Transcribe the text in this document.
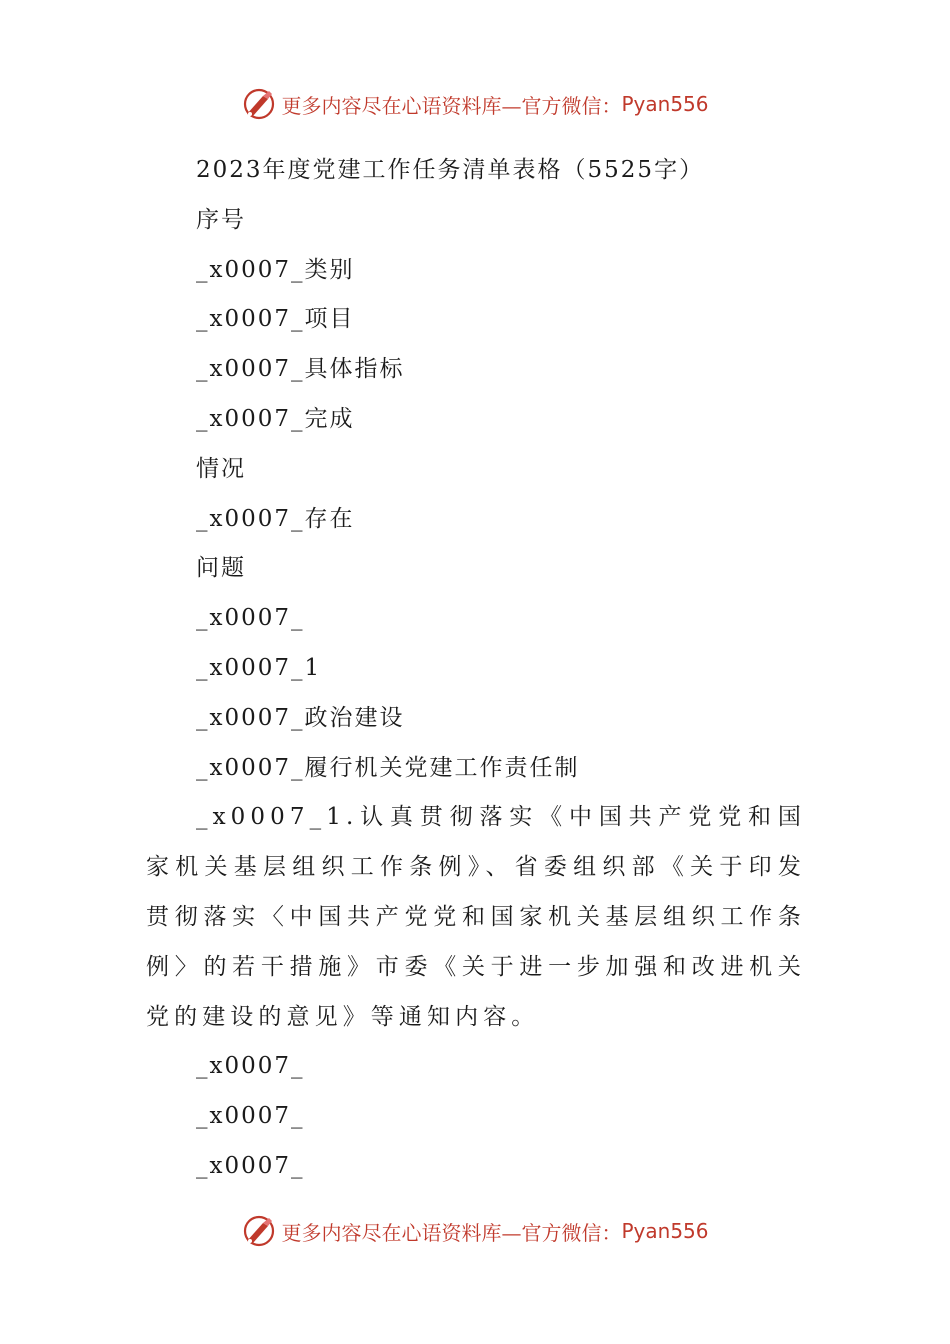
更多内容尽在心语资料库—官方微信： Pyan556
2023年度党建工作任务清单表格（5525字）
序号
_x0007_类别
_x0007_项目
_x0007_具体指标
_x0007_完成
情况
_x0007_存在
问题
_x0007_
_x0007_1
_x0007_政治建设
_x0007_履行机关党建工作责任制
_x0007_1.认真贯彻落实《中国共产党党和国家机关基层组织工作条例》、省委组织部《关于印发贯彻落实〈中国共产党党和国家机关基层组织工作条例〉的若干措施》市委《关于进一步加强和改进机关党的建设的意见》等通知内容。
_x0007_
_x0007_
_x0007_
更多内容尽在心语资料库—官方微信： Pyan556
